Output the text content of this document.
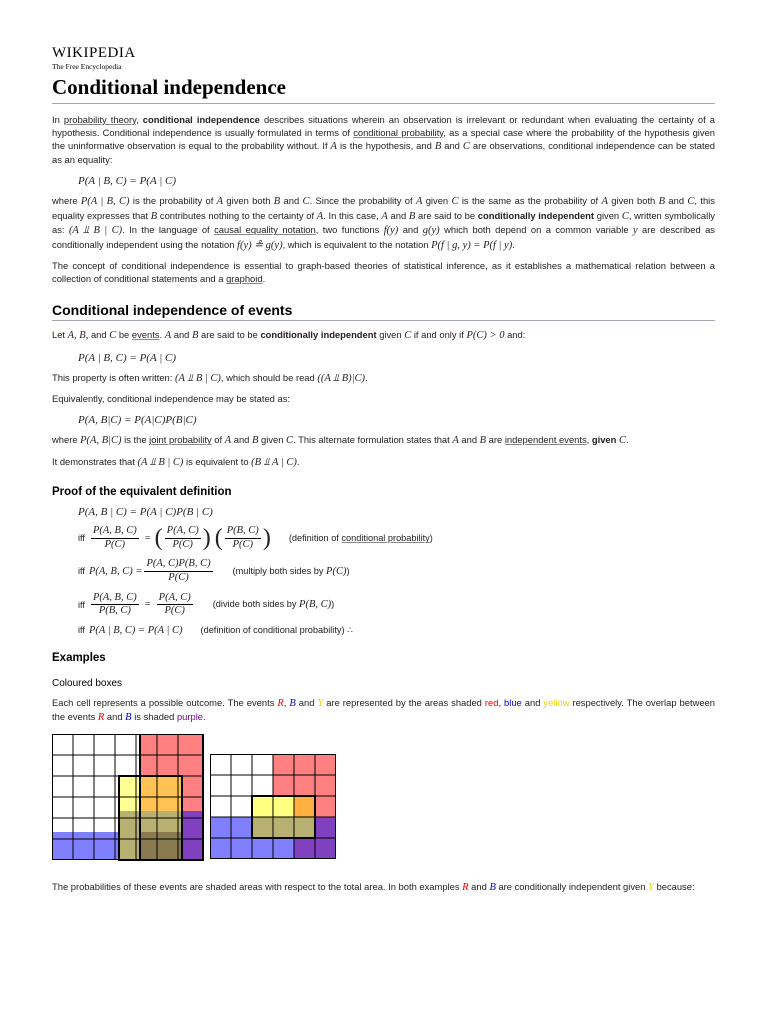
WIKIPEDIA
The Free Encyclopedia
Conditional independence

In probability theory, conditional independence describes situations wherein an observation is irrelevant or redundant when evaluating the certainty of a hypothesis. Conditional independence is usually formulated in terms of conditional probability, as a special case where the probability of the hypothesis given the uninformative observation is equal to the probability without. If A is the hypothesis, and B and C are observations, conditional independence can be stated as an equality:

P(A | B, C) = P(A | C)

where P(A | B, C) is the probability of A given both B and C. Since the probability of A given C is the same as the probability of A given both B and C, this equality expresses that B contributes nothing to the certainty of A. In this case, A and B are said to be conditionally independent given C, written symbolically as: (A ⫫ B | C). In the language of causal equality notation, two functions f(y) and g(y) which both depend on a common variable y are described as conditionally independent using the notation f(y) ≗ g(y), which is equivalent to the notation P(f | g, y) = P(f | y).

The concept of conditional independence is essential to graph-based theories of statistical inference, as it establishes a mathematical relation between a collection of conditional statements and a graphoid.

Conditional independence of events

Let A, B, and C be events. A and B are said to be conditionally independent given C if and only if P(C) > 0 and:

P(A | B, C) = P(A | C)

This property is often written: (A ⫫ B | C), which should be read ((A ⫫ B)|C).

Equivalently, conditional independence may be stated as:

P(A, B|C) = P(A|C)P(B|C)

where P(A, B|C) is the joint probability of A and B given C. This alternate formulation states that A and B are independent events, given C.

It demonstrates that (A ⫫ B | C) is equivalent to (B ⫫ A | C).

Proof of the equivalent definition
P(A, B | C) = P(A | C)P(B | C)
iff $\frac{P(A, B, C)}{P(C)}$ = ( $\frac{P(A, C)}{P(C)}$ ) ( $\frac{P(B, C)}{P(C)}$ ) (definition of conditional probability)
iff P(A, B, $C) = \frac{P(A, C)P(B, C)}{P(C)}$ (multiply both sides by P(C))
iff $\frac{P(A, B, C)}{P(B, C)} = \frac{P(A, C)}{P(C)}$ (divide both sides by P(B, C))
iff P(A | B, C) = P(A | C) (definition of conditional probability) ∴
Examples
Coloured boxes

Each cell represents a possible outcome. The events R, B and Y are represented by the areas shaded red, blue and yellow respectively. The overlap between the events R and B is shaded purple.

The probabilities of these events are shaded areas with respect to the total area. In both examples R and B are conditionally independent given Y because:
